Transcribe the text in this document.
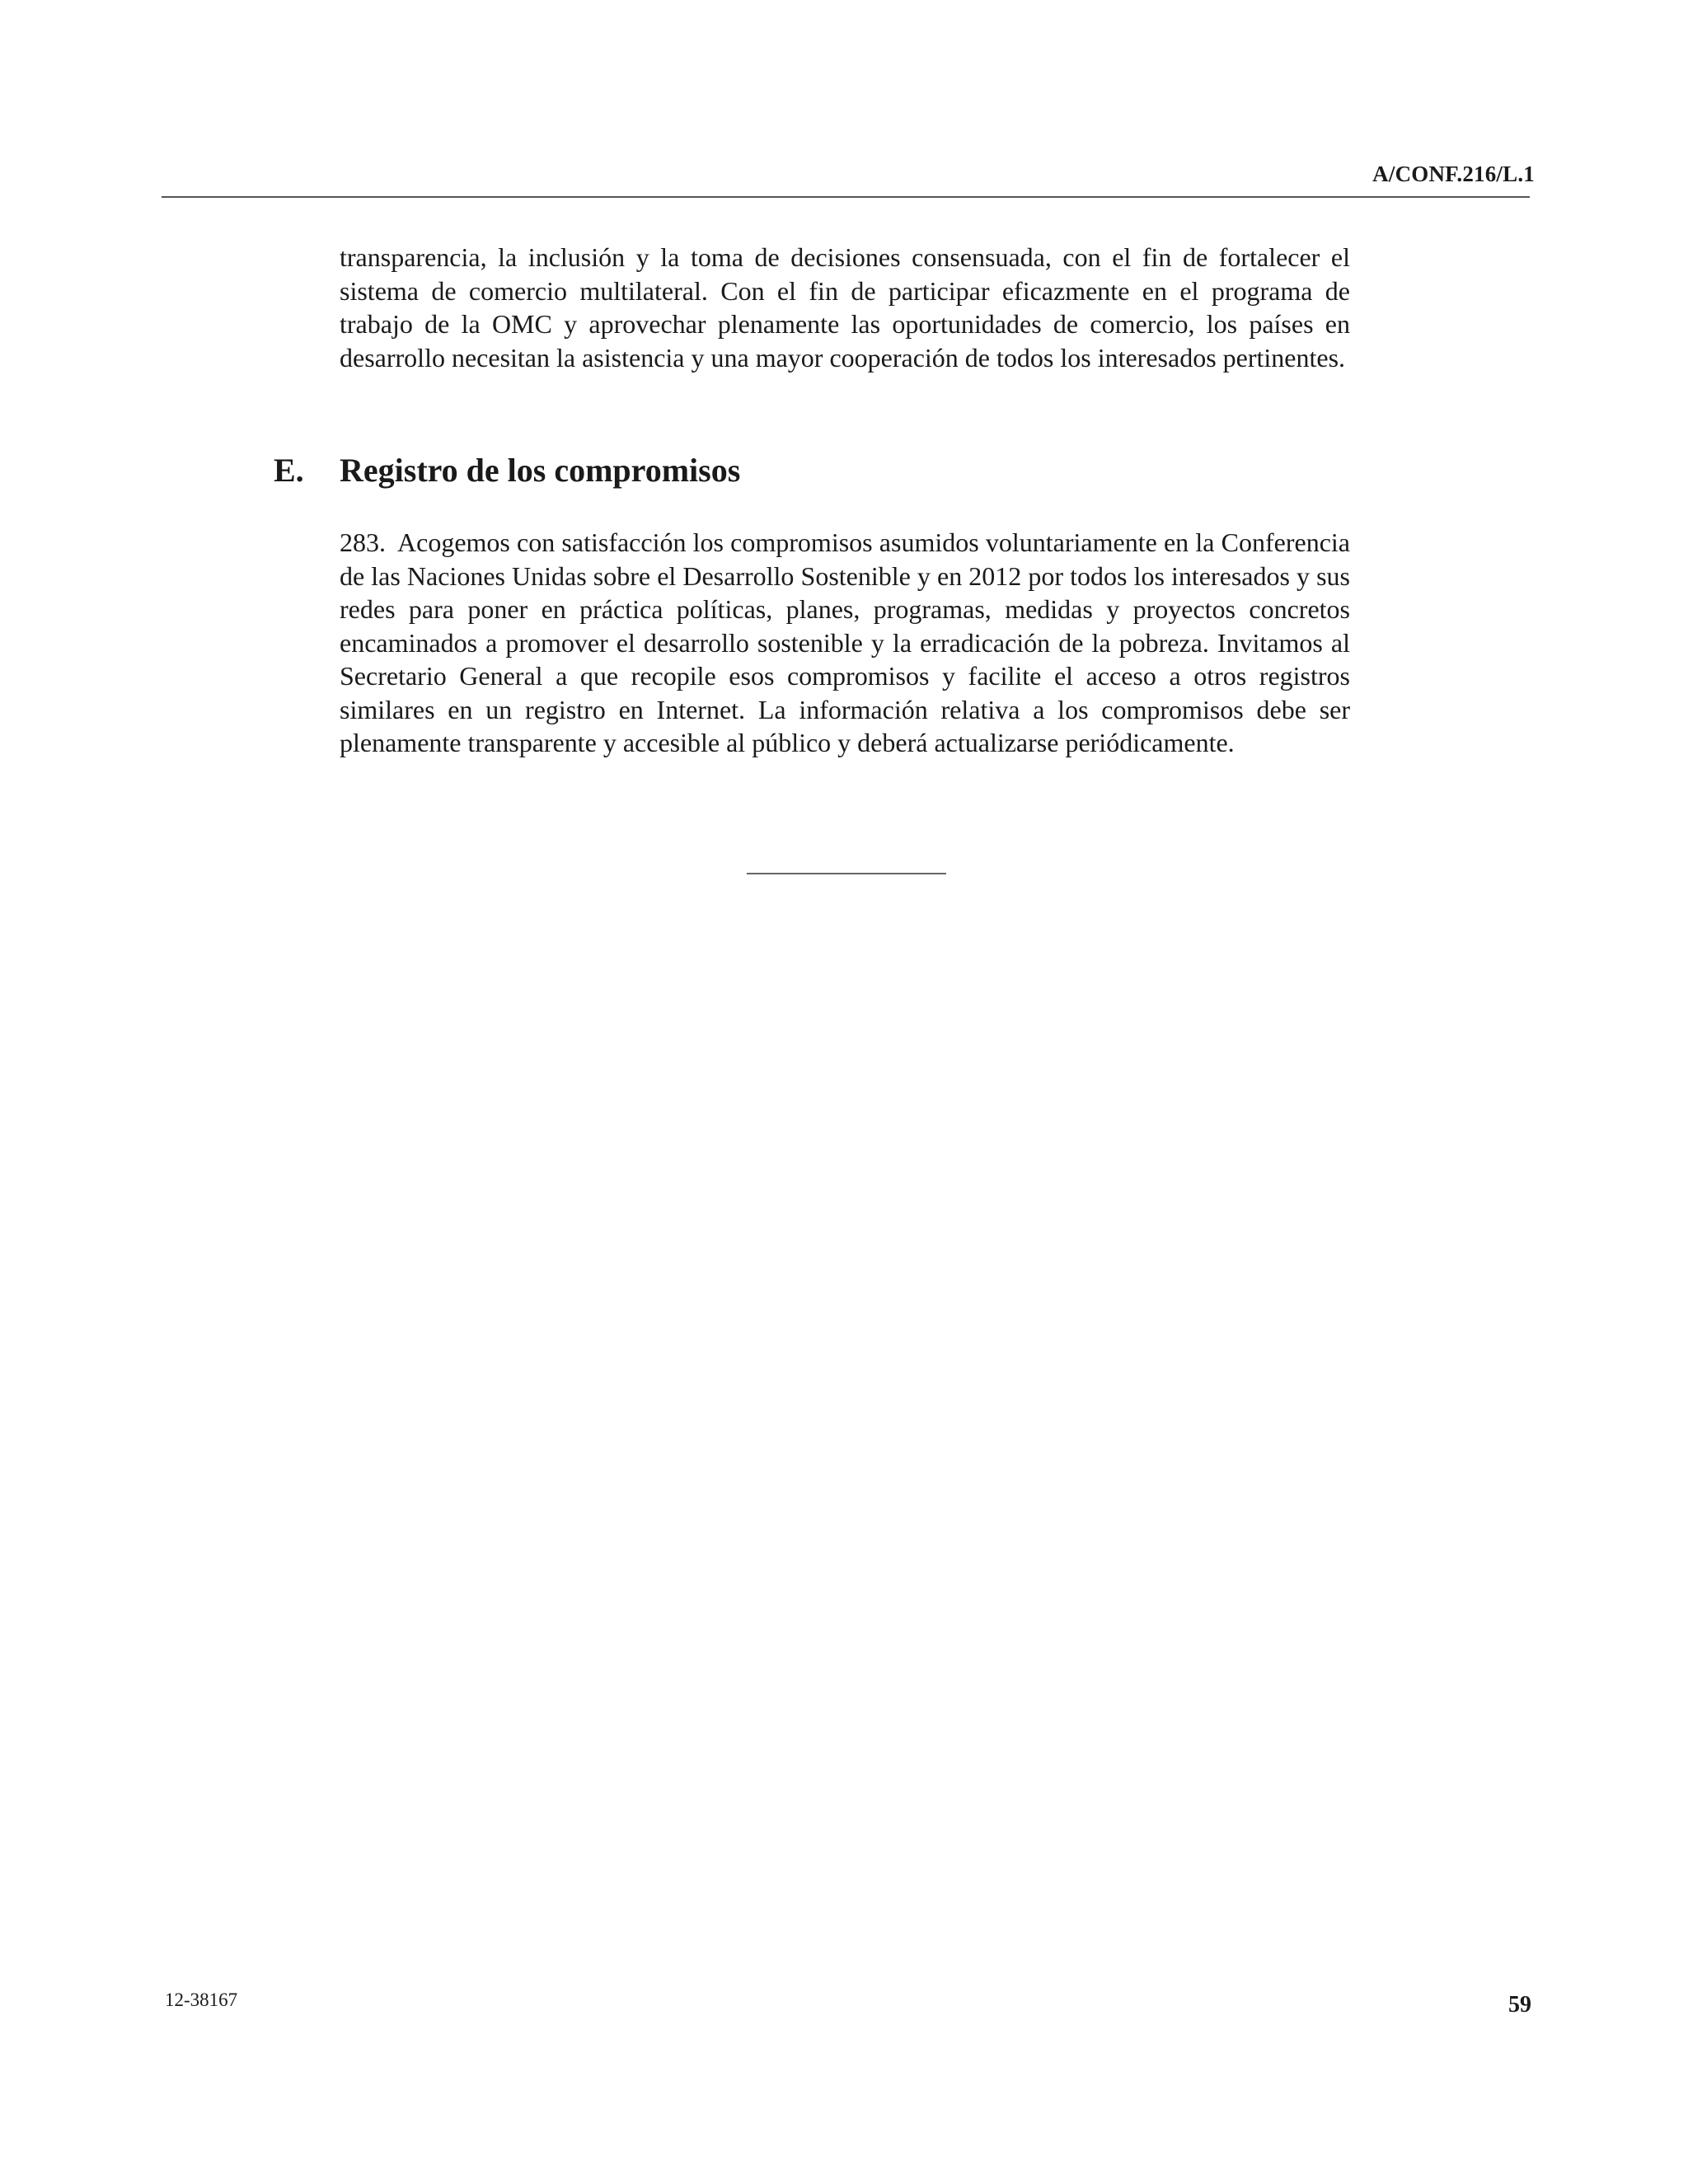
A/CONF.216/L.1
transparencia, la inclusión y la toma de decisiones consensuada, con el fin de fortalecer el sistema de comercio multilateral. Con el fin de participar eficazmente en el programa de trabajo de la OMC y aprovechar plenamente las oportunidades de comercio, los países en desarrollo necesitan la asistencia y una mayor cooperación de todos los interesados pertinentes.
E. Registro de los compromisos
283. Acogemos con satisfacción los compromisos asumidos voluntariamente en la Conferencia de las Naciones Unidas sobre el Desarrollo Sostenible y en 2012 por todos los interesados y sus redes para poner en práctica políticas, planes, programas, medidas y proyectos concretos encaminados a promover el desarrollo sostenible y la erradicación de la pobreza. Invitamos al Secretario General a que recopile esos compromisos y facilite el acceso a otros registros similares en un registro en Internet. La información relativa a los compromisos debe ser plenamente transparente y accesible al público y deberá actualizarse periódicamente.
12-38167	59
